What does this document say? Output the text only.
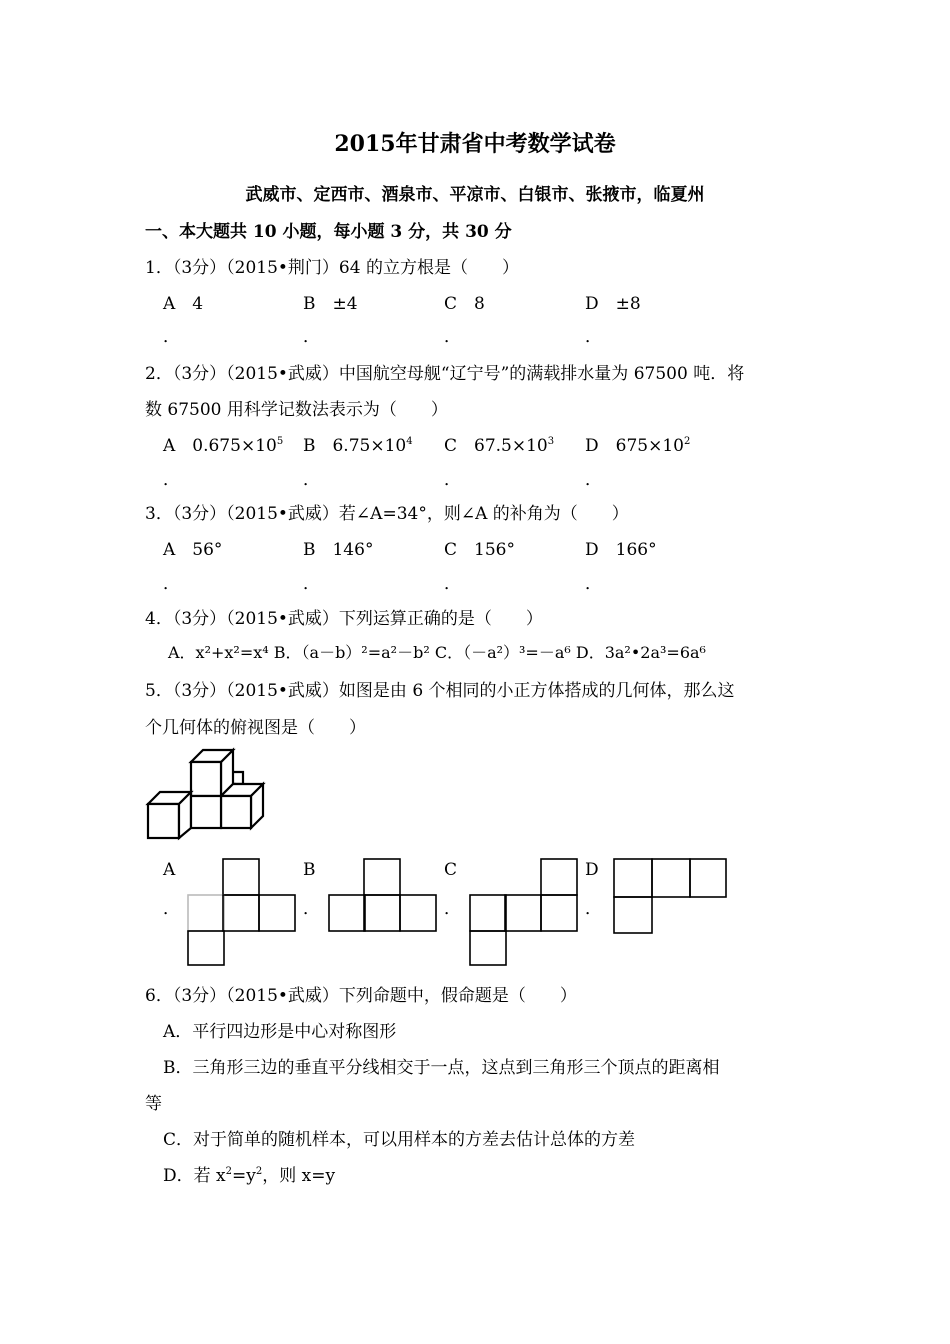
2015年甘肃省中考数学试卷
武威市、定西市、酒泉市、平凉市、白银市、张掖市，临夏州
一、本大题共 10 小题，每小题 3 分，共 30 分
1．（3分）（2015•荆门）64 的立方根是（　　）
A　4	B　±4	C　8	D　±8
．	．	．	．
2．（3分）（2015•武威）中国航空母舰“辽宁号”的满载排水量为 67500 吨．将
数 67500 用科学记数法表示为（　　）
A　$0.675\times 10^5$ B　$6.75\times 10^4$ C　$67.5\times 10^3$ D　$675\times 10^2$
．	．	．	．
3．（3分）（2015•武威）若∠A=34°，则∠A 的补角为（　　）
A　56°	B　146°	C　156°	D　166°
．	．	．	．
4．（3分）（2015•武威）下列运算正确的是（　　）
A．x²+x²=x⁴ B．（a－b）²=a²－b² C．（－a²）³=－a⁶ D．3a²•2a³=6a⁶
5．（3分）（2015•武威）如图是由 6 个相同的小正方体搭成的几何体，那么这
个几何体的俯视图是（　　）
A
．
B
．
C
．
D
．
6．（3分）（2015•武威）下列命题中，假命题是（　　）
A．平行四边形是中心对称图形
B．三角形三边的垂直平分线相交于一点，这点到三角形三个顶点的距离相
等
C．对于简单的随机样本，可以用样本的方差去估计总体的方差
D．若 $x^2=y^2$，则 x=y
